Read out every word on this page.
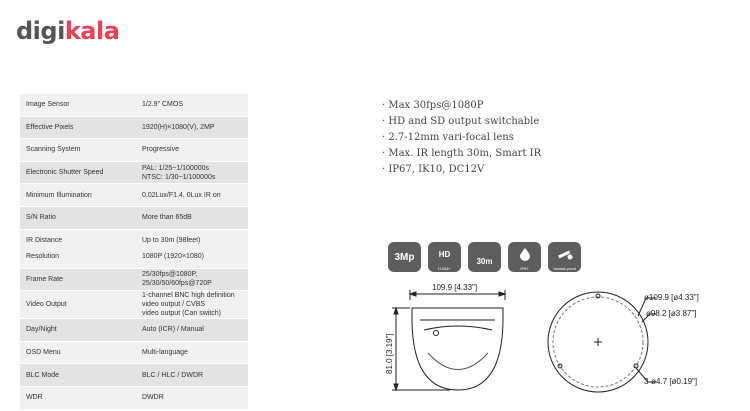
digikala
Image Sensor	1/2.9" CMOS

Effective Pixels	1920(H)×1080(V), 2MP

Scanning System	Progressive

Electronic Shutter Speed	PAL: 1/25~1/100000s
NTSC: 1/30~1/100000s

Minimum Illumination	0.02Lux/F1.4, 0Lux IR on

S/N Ratio	More than 65dB

IR Distance	Up to 30m (98feet)
Resolution	1080P (1920×1080)

Frame Rate	25/30fps@1080P, 25/30/50/60fps@720P

Video Output	1-channel BNC high definition video output / CVBS
video output (Can switch)

Day/Night	Auto (ICR) / Manual

OSD Menu	Multi-language

BLC Mode	BLC / HLC / DWDR

WDR	DWDR
· Max 30fps@1080P
· HD and SD output switchable
· 2.7-12mm vari-focal lens
· Max. IR length 30m, Smart IR
· IP67, IK10, DC12V
3Mp	HD
H.264+
30m
IP67	Vandal-proof
109.9 [4.33"]
81.0 [3.19"]
ø109.9 [ø4.33"]
ø98.2 [ø3.87"]
3-ø4.7 [ø0.19"]
